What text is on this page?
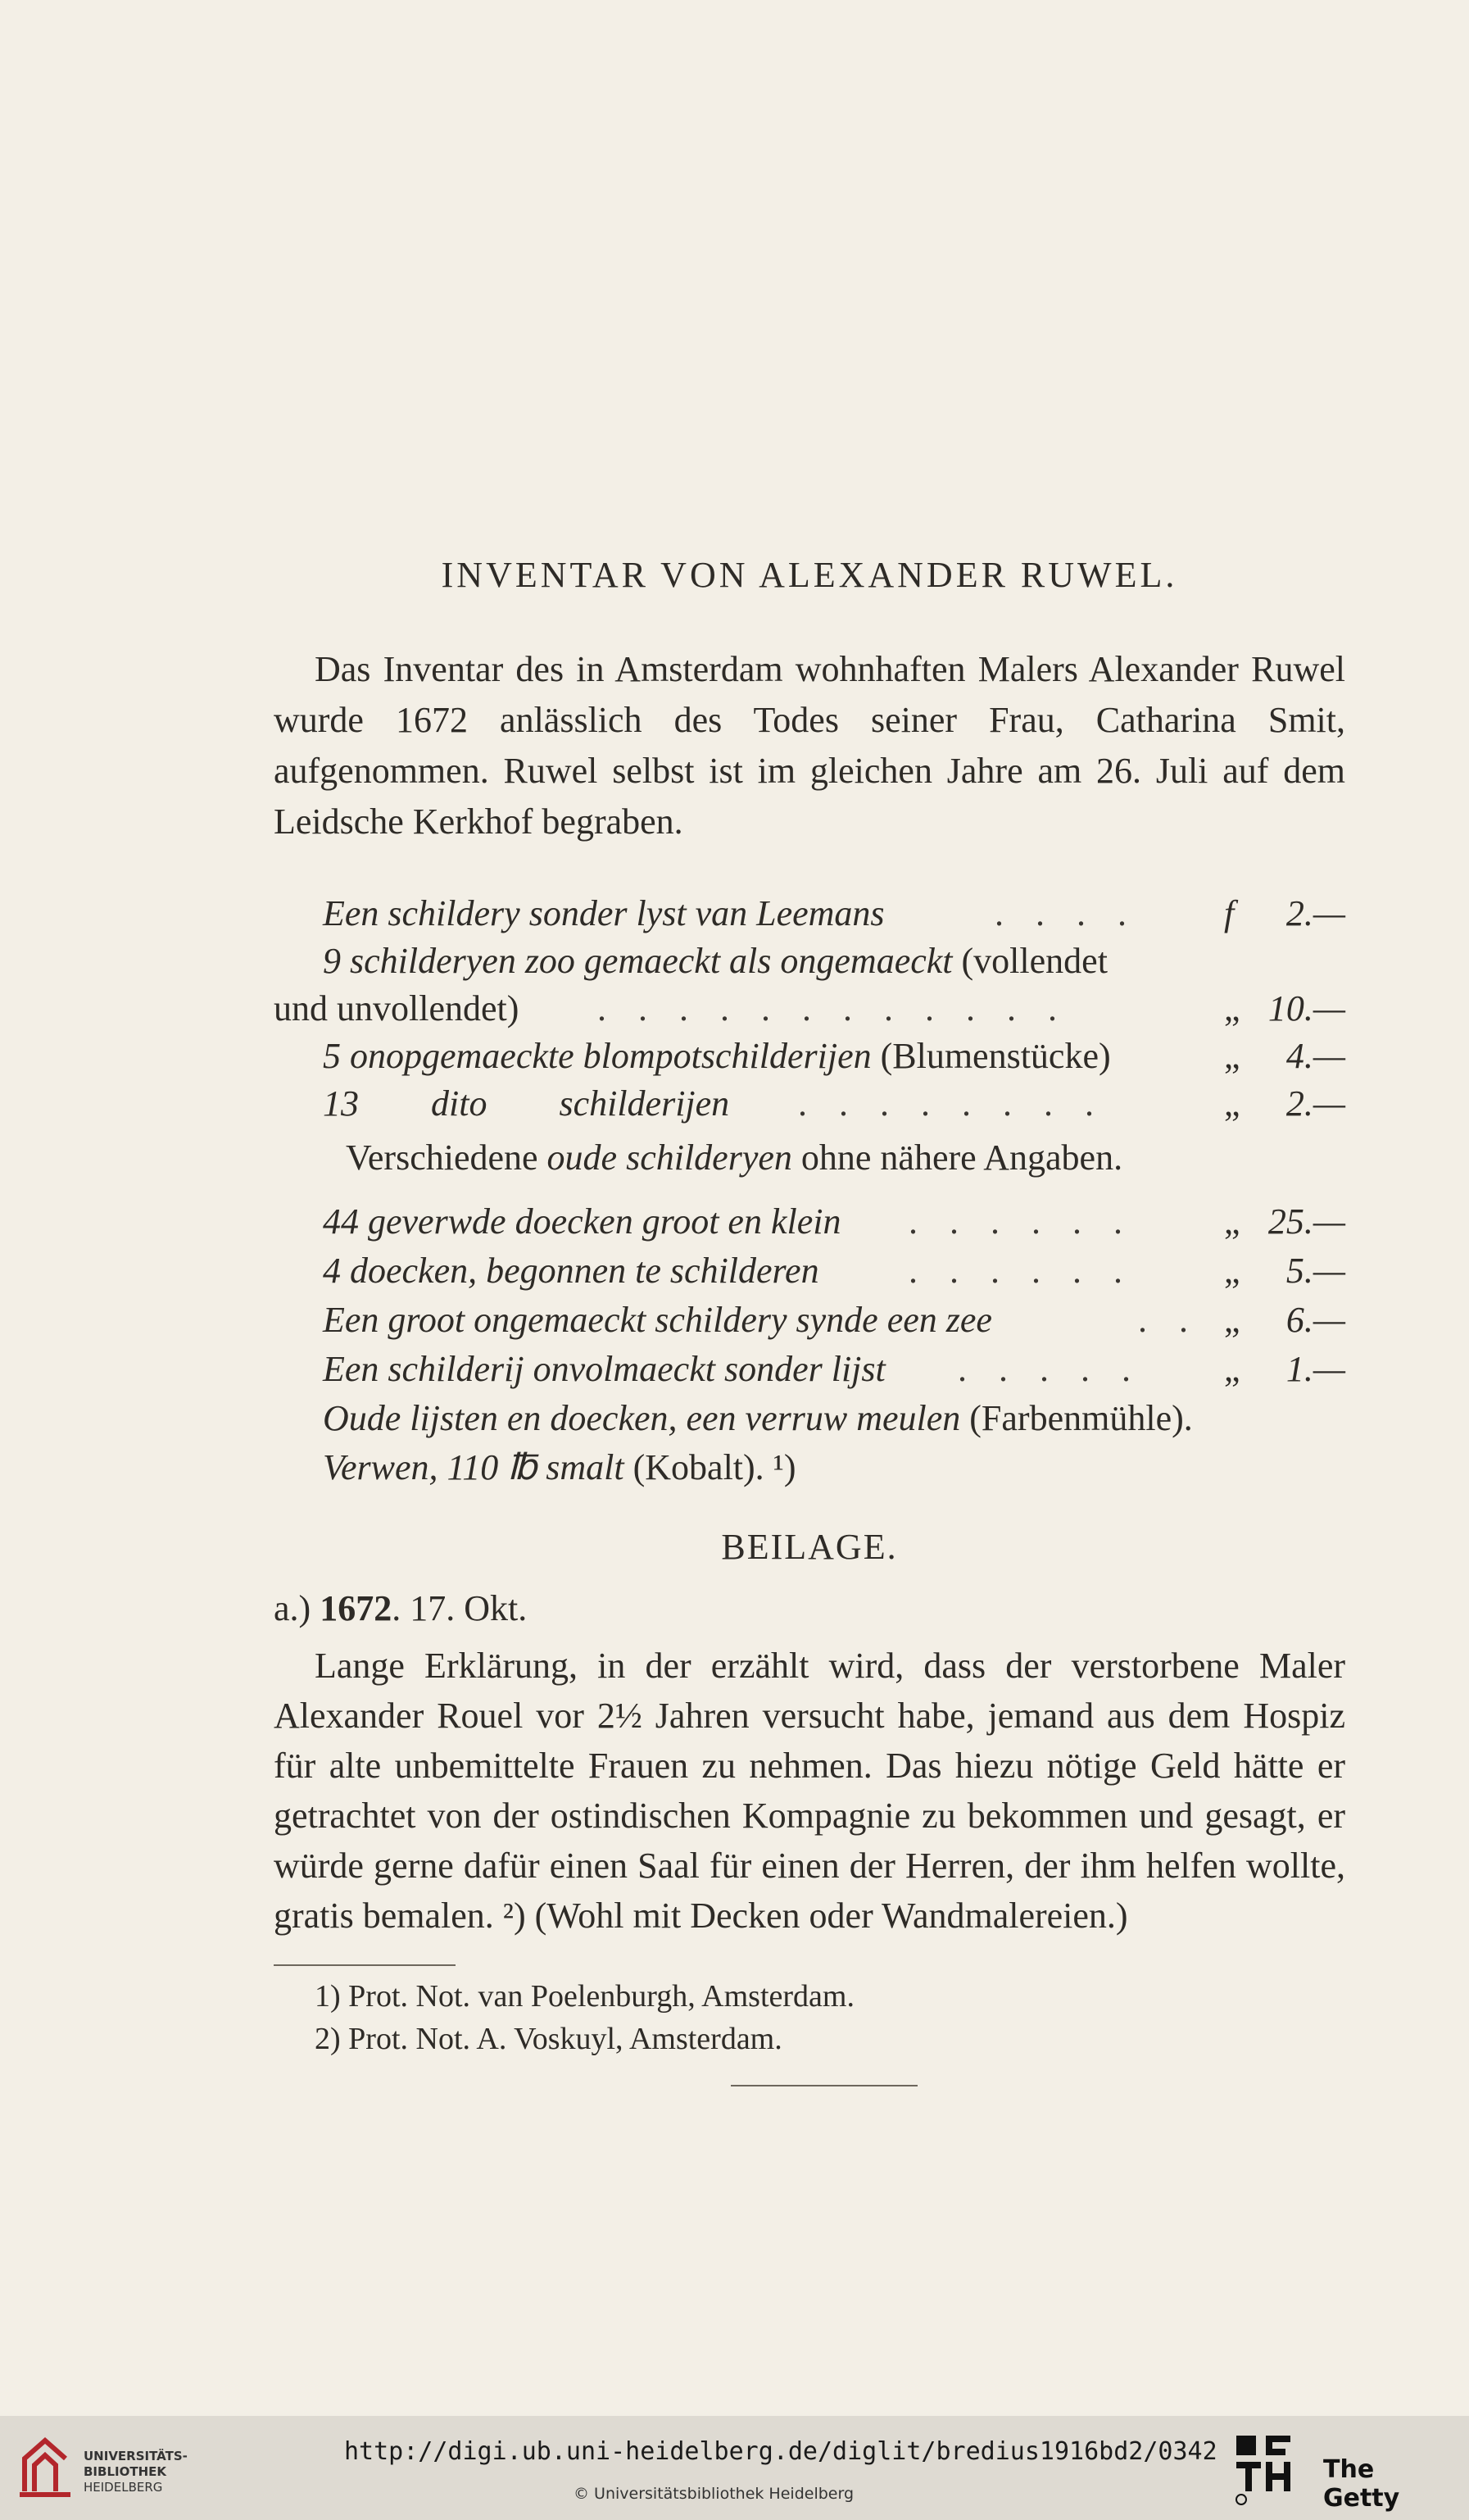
INVENTAR VON ALEXANDER RUWEL.
Das Inventar des in Amsterdam wohnhaften Malers Alexander Ruwel wurde 1672 anlässlich des Todes seiner Frau, Catharina Smit, aufgenommen. Ruwel selbst ist im gleichen Jahre am 26. Juli auf dem Leidsche Kerkhof begraben.
Een schildery sonder lyst van Leemans	. . . . f	2.—
9 schilderyen zoo gemaeckt als ongemaeckt (vollendet
und unvollendet) . . . . . . . . . . . .	„ 10.—
5 onopgemaeckte blompotschilderijen (Blumenstücke)	„	4.—
13        dito        schilderijen . . . . . . . .	„	2.—
Verschiedene oude schilderyen ohne nähere Angaben.
44 geverwde doecken groot en klein . . . . . .	„ 25.—
4 doecken, begonnen te schilderen . . . . . .	„	5.—
Een groot ongemaeckt schildery synde een zee	. . „	6.—
Een schilderij onvolmaeckt sonder lijst . . . . . „	1.—
Oude lijsten en doecken, een verruw meulen (Farbenmühle).
Verwen, 110 ℔ smalt (Kobalt). ¹)
BEILAGE.
a.) 1672. 17. Okt.
Lange Erklärung, in der erzählt wird, dass der verstorbene Maler Alexander Rouel vor 2½ Jahren versucht habe, jemand aus dem Hospiz für alte unbemittelte Frauen zu nehmen. Das hiezu nötige Geld hätte er getrachtet von der ostindischen Kompagnie zu bekommen und gesagt, er würde gerne dafür einen Saal für einen der Herren, der ihm helfen wollte, gratis bemalen. ²) (Wohl mit Decken oder Wandmalereien.)
1) Prot. Not. van Poelenburgh, Amsterdam.
2) Prot. Not. A. Voskuyl, Amsterdam.
UNIVERSITÄTS-
BIBLIOTHEK
HEIDELBERG
http://digi.ub.uni-heidelberg.de/diglit/bredius1916bd2/0342
© Universitätsbibliothek Heidelberg
The Getty
